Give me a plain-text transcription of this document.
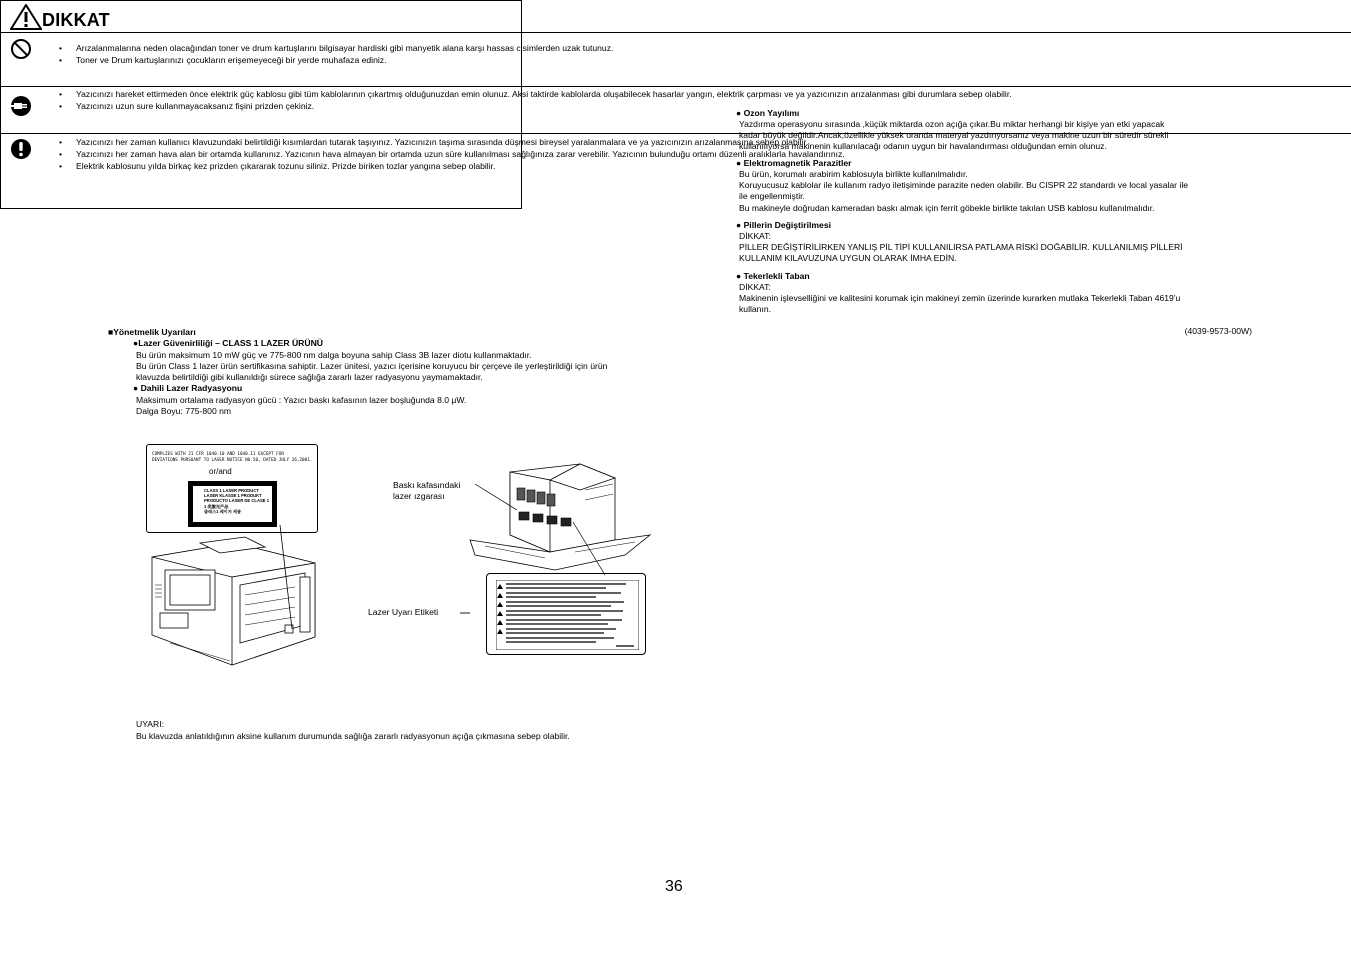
DIKKAT
• Arızalanmalarına neden olacağından toner ve drum kartuşlarını bilgisayar hardiski gibi manyetik alana karşı hassas cisimlerden uzak tutunuz.
• Toner ve Drum kartuşlarınızı çocukların erişemeyeceği bir yerde muhafaza ediniz.
• Yazıcınızı hareket ettirmeden önce elektrik güç kablosu gibi tüm kablolarının çıkartmış olduğunuzdan emin olunuz. Aksi taktirde kablolarda oluşabilecek hasarlar yangın, elektrik çarpması ve ya yazıcınızın arızalanması gibi durumlara sebep olabilir.
• Yazıcınızı uzun sure kullanmayacaksanız fişini prizden çekiniz.
• Yazıcınızı her zaman kullanıcı klavuzundaki belirtildiği kısımlardan tutarak taşıyınız. Yazıcınızın taşıma sırasında düşmesi bireysel yaralanmalara ve ya yazıcınızın arızalanmasına sebep olabilir.
• Yazıcınızı her zaman hava alan bir ortamda kullanınız. Yazıcının hava almayan bir ortamda uzun süre kullanılması sağlığınıza zarar verebilir. Yazıcının bulunduğu ortamı düzenli aralıklarla havalandırınız.
• Elektrik kablosunu yılda birkaç kez prizden çıkararak tozunu siliniz. Prizde biriken tozlar yangına sebep olabilir.
■Yönetmelik Uyarıları
●Lazer Güvenirliliği – CLASS 1 LAZER ÜRÜNÜ
Bu ürün maksimum 10 mW güç ve 775-800 nm dalga boyuna sahip Class 3B lazer diotu kullanmaktadır.
Bu ürün Class 1 lazer ürün sertifikasına sahiptir. Lazer ünitesi, yazıcı içerisine koruyucu bir çerçeve ile yerleştirildiği için ürün
klavuzda belirtildiği gibi kullanıldığı sürece sağlığa zararlı lazer radyasyonu yaymamaktadır.
● Dahili Lazer Radyasyonu
Maksimum ortalama radyasyon gücü : Yazıcı baskı kafasının lazer boşluğunda 8.0 μW.
Dalga Boyu: 775-800 nm
COMPLIES WITH 21 CFR 1040.10 AND 1040.11 EXCEPT FOR
DEVIATIONS PURSUANT TO LASER NOTICE NO.50, DATED JULY 26,2001.
or/and
CLASS 1 LASER PRODUCT
LASER KLASSE 1 PRODUKT
PRODUCTO LASER DE CLASE 1
1 类激光产品
클래스1 레이저 제품
Baskı kafasındaki
lazer ızgarası
Lazer Uyarı Etiketi
UYARI:
Bu klavuzda anlatıldığının aksine kullanım durumunda sağlığa zararlı radyasyonun açığa çıkmasına sebep olabilir.
● Ozon Yayılımı
Yazdırma operasyonu sırasında ,küçük miktarda ozon açığa çıkar.Bu miktar herhangi bir kişiye yan etki yapacak
kadar büyük değildir.Ancak,özellikle yüksek oranda materyal yazdırıyorsanız veya makine uzun bir süredir sürekli
kullanılıyorsa makinenin kullanılacağı odanın uygun bir havalandırması olduğundan emin olunuz.
● Elektromagnetik Parazitler
Bu ürün, korumalı arabirim kablosuyla birlikte kullanılmalıdır.
Koruyucusuz kablolar ile kullanım radyo iletişiminde parazite neden olabilir. Bu CISPR 22 standardı ve local yasalar ile
ile engellenmiştir.
Bu makineyle doğrudan kameradan baskı almak için ferrit göbekle birlikte takılan USB kablosu kullanılmalıdır.
● Pillerin Değiştirilmesi
DİKKAT:
PİLLER DEĞİŞTİRİLİRKEN YANLIŞ PİL TİPİ KULLANILIRSA PATLAMA RİSKİ DOĞABİLİR. KULLANILMIŞ PİLLERİ
KULLANIM KILAVUZUNA UYGUN OLARAK İMHA EDİN.
● Tekerlekli Taban
DİKKAT:
Makinenin işlevselliğini ve kalitesini korumak için makineyi zemin üzerinde kurarken mutlaka Tekerlekli Taban 4619'u
kullanın.
(4039-9573-00W)
36
